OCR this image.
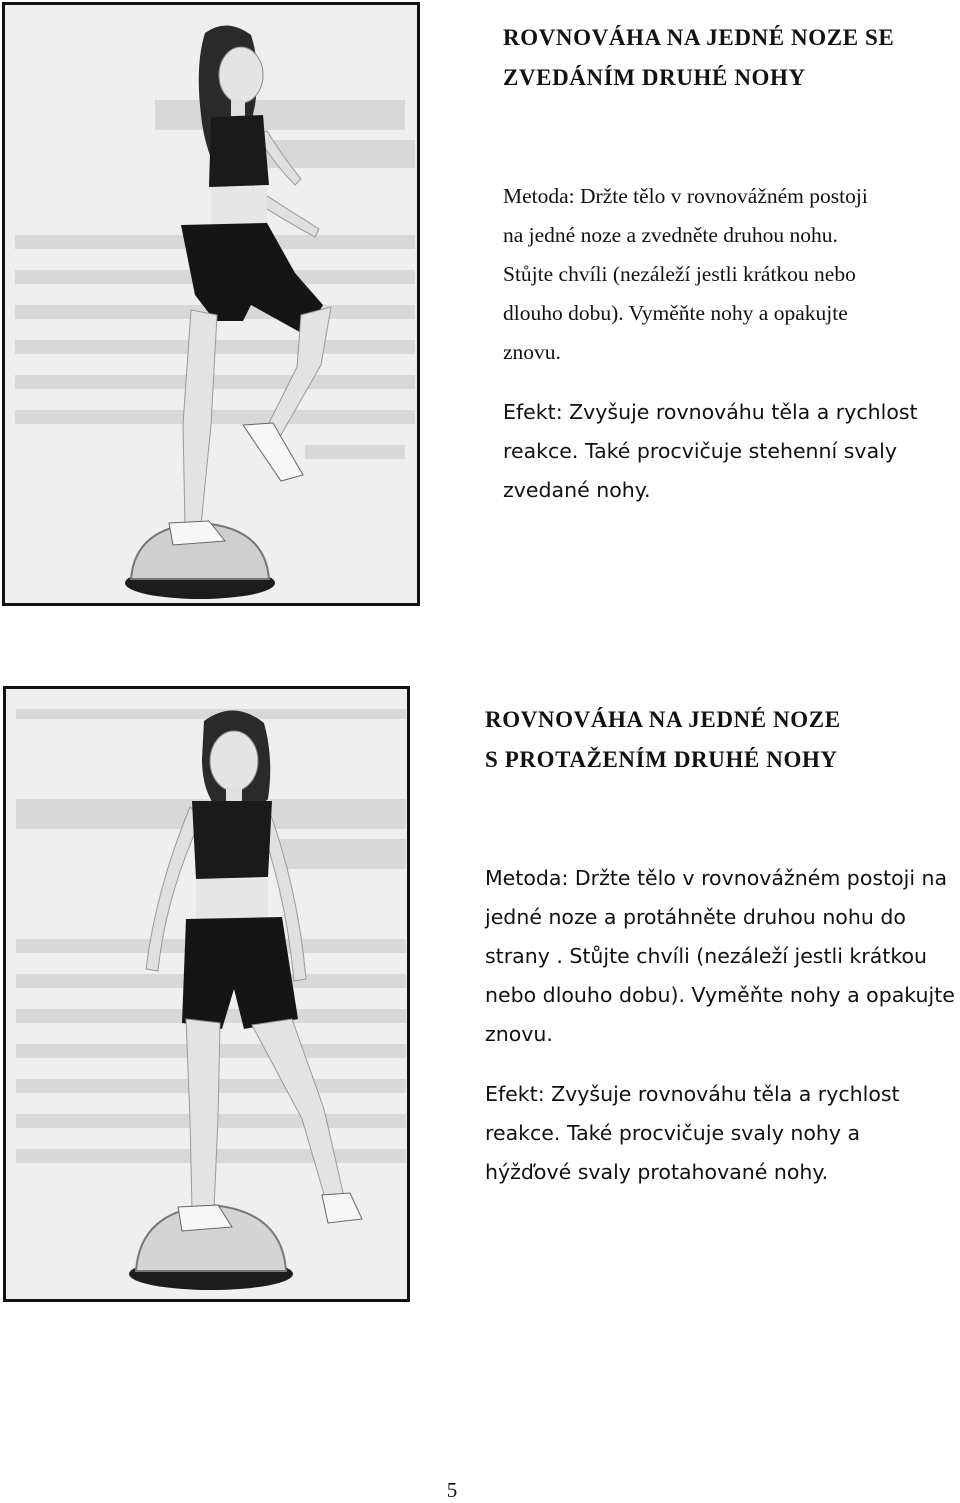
ROVNOVÁHA NA JEDNÉ NOZE SE
ZVEDÁNÍM DRUHÉ NOHY

Metoda: Držte tělo v rovnovážném postoji
na jedné noze a zvedněte druhou nohu.
Stůjte chvíli (nezáleží jestli krátkou nebo
dlouho dobu). Vyměňte nohy a opakujte
znovu.

Efekt: Zvyšuje rovnováhu těla a rychlost
reakce. Také procvičuje stehenní svaly
zvedané nohy.

ROVNOVÁHA NA JEDNÉ NOZE
S PROTAŽENÍM DRUHÉ NOHY

Metoda: Držte tělo v rovnovážném postoji na
jedné noze a protáhněte druhou nohu do
strany . Stůjte chvíli (nezáleží jestli krátkou
nebo dlouho dobu). Vyměňte nohy a opakujte
znovu.

Efekt: Zvyšuje rovnováhu těla a rychlost
reakce. Také procvičuje svaly nohy a
hýžďové svaly protahované nohy.

5
